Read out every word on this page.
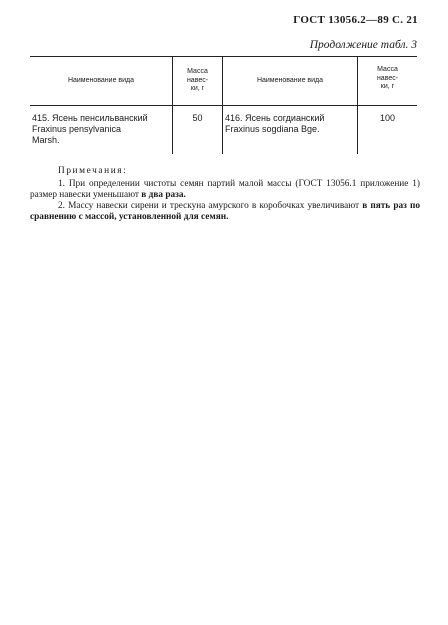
ГОСТ 13056.2—89 С. 21
Продолжение табл. 3
Наименование вида
Масса
навес-
ки, г
Наименование вида
Масса
навес-
ки, г
415. Ясень пенсильванский
Fraxinus pensylvanica
Marsh.
50	416. Ясень согдианский
Fraxinus sogdiana Bge.
100
Примечания:
1. При определении чистоты семян партий малой массы (ГОСТ 13056.1 приложение 1) размер навески уменьшают в два раза.
2. Массу навески сирени и трескуна амурского в коробочках увеличивают в пять раз по сравнению с массой, установленной для семян.
